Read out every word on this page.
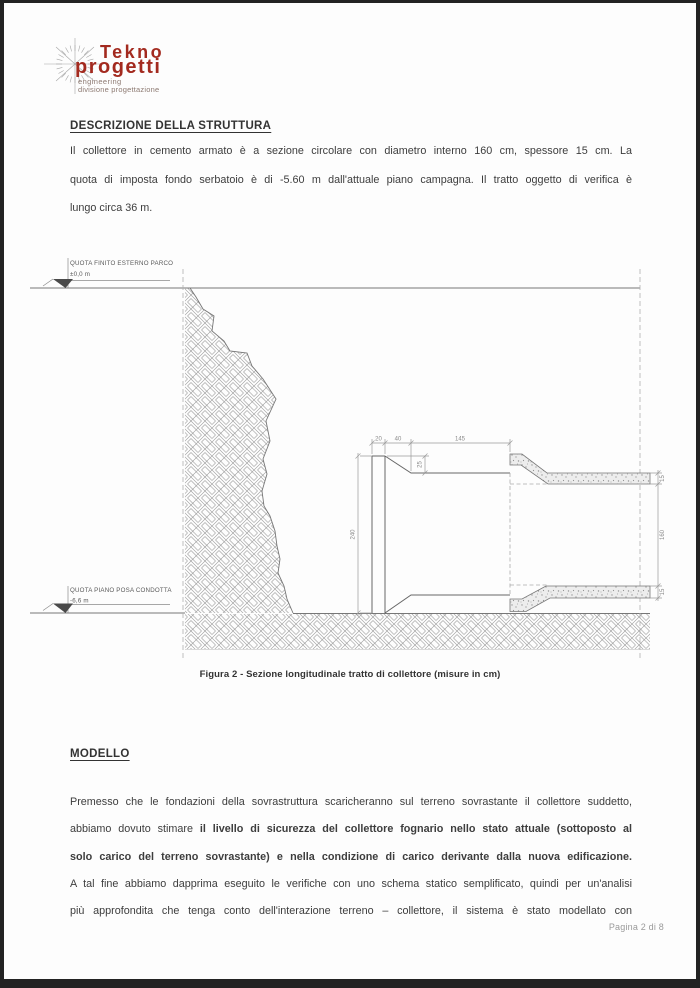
Tekno
progetti
engineering
divisione progettazione
DESCRIZIONE DELLA STRUTTURA
Il collettore in cemento armato è a sezione circolare con diametro interno 160 cm, spessore 15 cm. La
quota di imposta fondo serbatoio è di -5.60 m dall'attuale piano campagna. Il tratto oggetto di verifica è
lungo circa 36 m.
QUOTA FINITO ESTERNO PARCO
±0,0 m
QUOTA PIANO POSA CONDOTTA
-6,6 m
20 40	145
25
240
15
160
15
Figura 2 - Sezione longitudinale tratto di collettore (misure in cm)
MODELLO
Premesso che le fondazioni della sovrastruttura scaricheranno sul terreno sovrastante il collettore suddetto,
abbiamo dovuto stimare il livello di sicurezza del collettore fognario nello stato attuale (sottoposto al
solo carico del terreno sovrastante) e nella condizione di carico derivante dalla nuova edificazione.
A tal fine abbiamo dapprima eseguito le verifiche con uno schema statico semplificato, quindi per un'analisi
più approfondita che tenga conto dell'interazione terreno – collettore, il sistema è stato modellato con
Pagina 2 di 8
